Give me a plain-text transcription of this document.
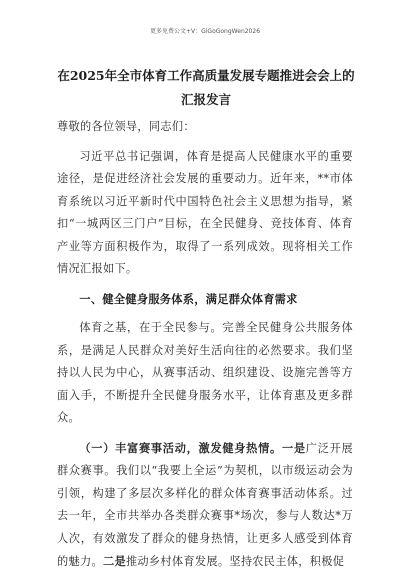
更多免费公文+V：GiGoGongWen2026
在2025年全市体育工作高质量发展专题推进会会上的汇报发言

尊敬的各位领导，同志们：

习近平总书记强调，体育是提高人民健康水平的重要途径，是促进经济社会发展的重要动力。近年来，**市体育系统以习近平新时代中国特色社会主义思想为指导，紧扣“一城两区三门户”目标，在全民健身、竞技体育、体育产业等方面积极作为，取得了一系列成效。现将相关工作情况汇报如下。

一、健全健身服务体系，满足群众体育需求

体育之基，在于全民参与。完善全民健身公共服务体系，是满足人民群众对美好生活向往的必然要求。我们坚持以人民为中心，从赛事活动、组织建设、设施完善等方面入手，不断提升全民健身服务水平，让体育惠及更多群众。

（一）丰富赛事活动，激发健身热情。一是广泛开展群众赛事。我们以“我要上全运”为契机，以市级运动会为引领，构建了多层次多样化的群众体育赛事活动体系。过去一年，全市共举办各类群众赛事*场次，参与人数达*万人次，有效激发了群众的健身热情，让更多人感受到体育的魅力。二是推动乡村体育发展。坚持农民主体，积极促
